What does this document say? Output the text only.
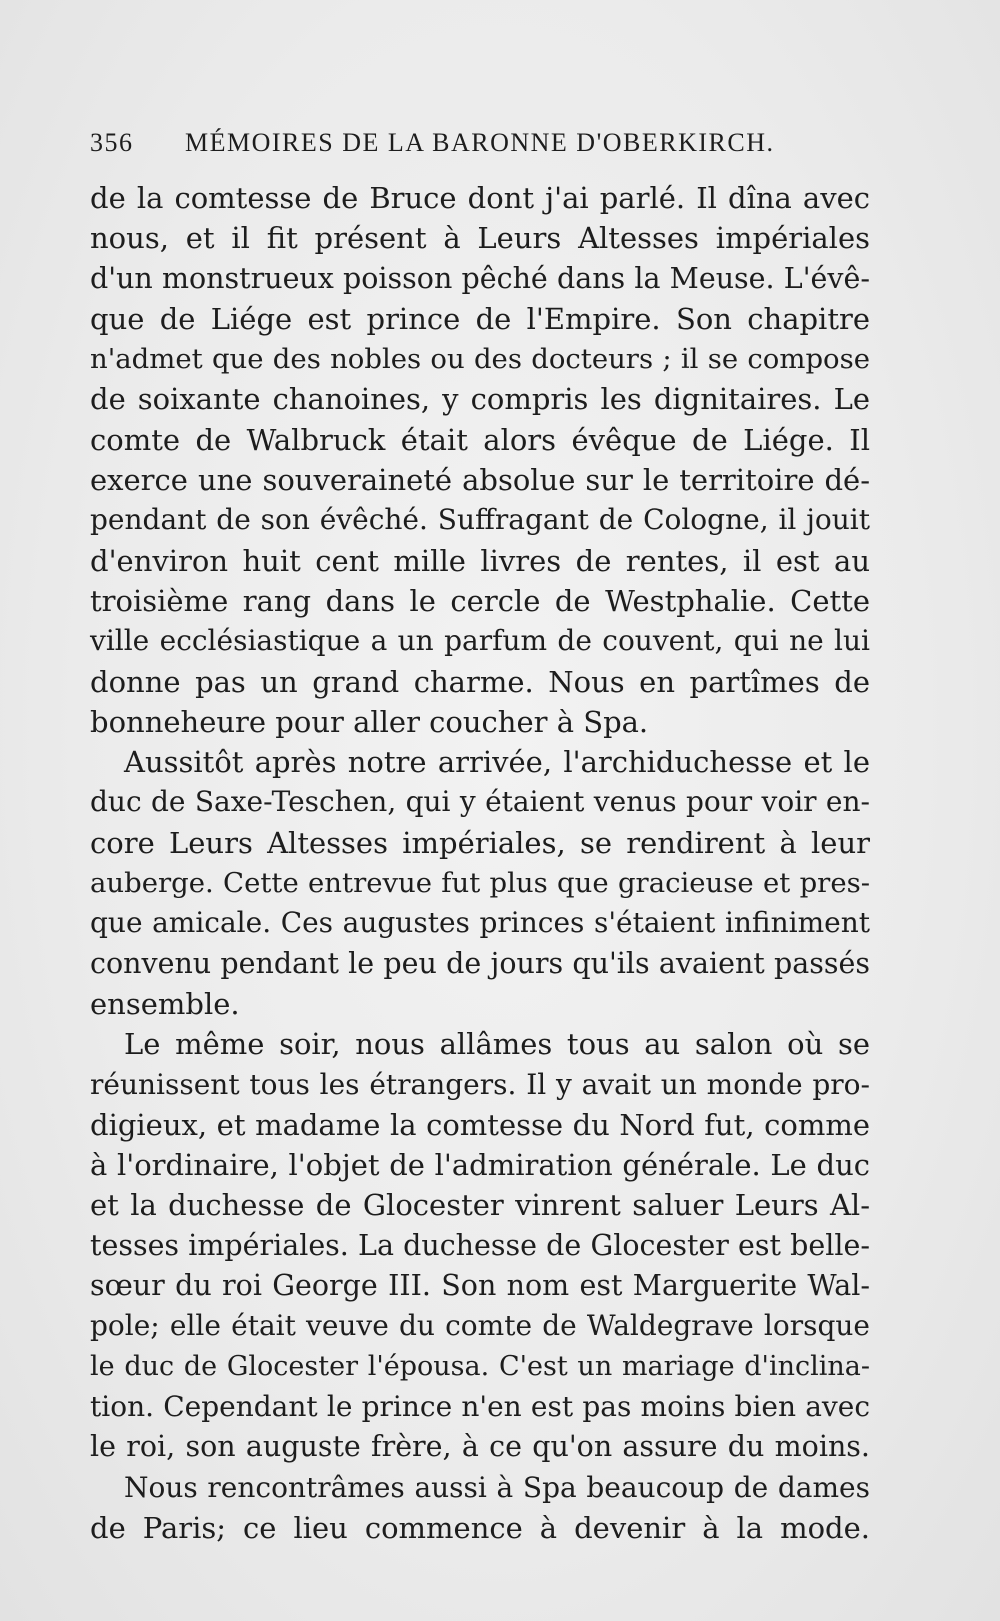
356 MÉMOIRES DE LA BARONNE D'OBERKIRCH.
de la comtesse de Bruce dont j'ai parlé. Il dîna avec
nous, et il fit présent à Leurs Altesses impériales
d'un monstrueux poisson pêché dans la Meuse. L'évê-
que de Liége est prince de l'Empire. Son chapitre
n'admet que des nobles ou des docteurs ; il se compose
de soixante chanoines, y compris les dignitaires. Le
comte de Walbruck était alors évêque de Liége. Il
exerce une souveraineté absolue sur le territoire dé-
pendant de son évêché. Suffragant de Cologne, il jouit
d'environ huit cent mille livres de rentes, il est au
troisième rang dans le cercle de Westphalie. Cette
ville ecclésiastique a un parfum de couvent, qui ne lui
donne pas un grand charme. Nous en partîmes de
bonneheure pour aller coucher à Spa.
Aussitôt après notre arrivée, l'archiduchesse et le
duc de Saxe-Teschen, qui y étaient venus pour voir en-
core Leurs Altesses impériales, se rendirent à leur
auberge. Cette entrevue fut plus que gracieuse et pres-
que amicale. Ces augustes princes s'étaient infiniment
convenu pendant le peu de jours qu'ils avaient passés
ensemble.
Le même soir, nous allâmes tous au salon où se
réunissent tous les étrangers. Il y avait un monde pro-
digieux, et madame la comtesse du Nord fut, comme
à l'ordinaire, l'objet de l'admiration générale. Le duc
et la duchesse de Glocester vinrent saluer Leurs Al-
tesses impériales. La duchesse de Glocester est belle-
sœur du roi George III. Son nom est Marguerite Wal-
pole; elle était veuve du comte de Waldegrave lorsque
le duc de Glocester l'épousa. C'est un mariage d'inclina-
tion. Cependant le prince n'en est pas moins bien avec
le roi, son auguste frère, à ce qu'on assure du moins.
Nous rencontrâmes aussi à Spa beaucoup de dames
de Paris; ce lieu commence à devenir à la mode.
